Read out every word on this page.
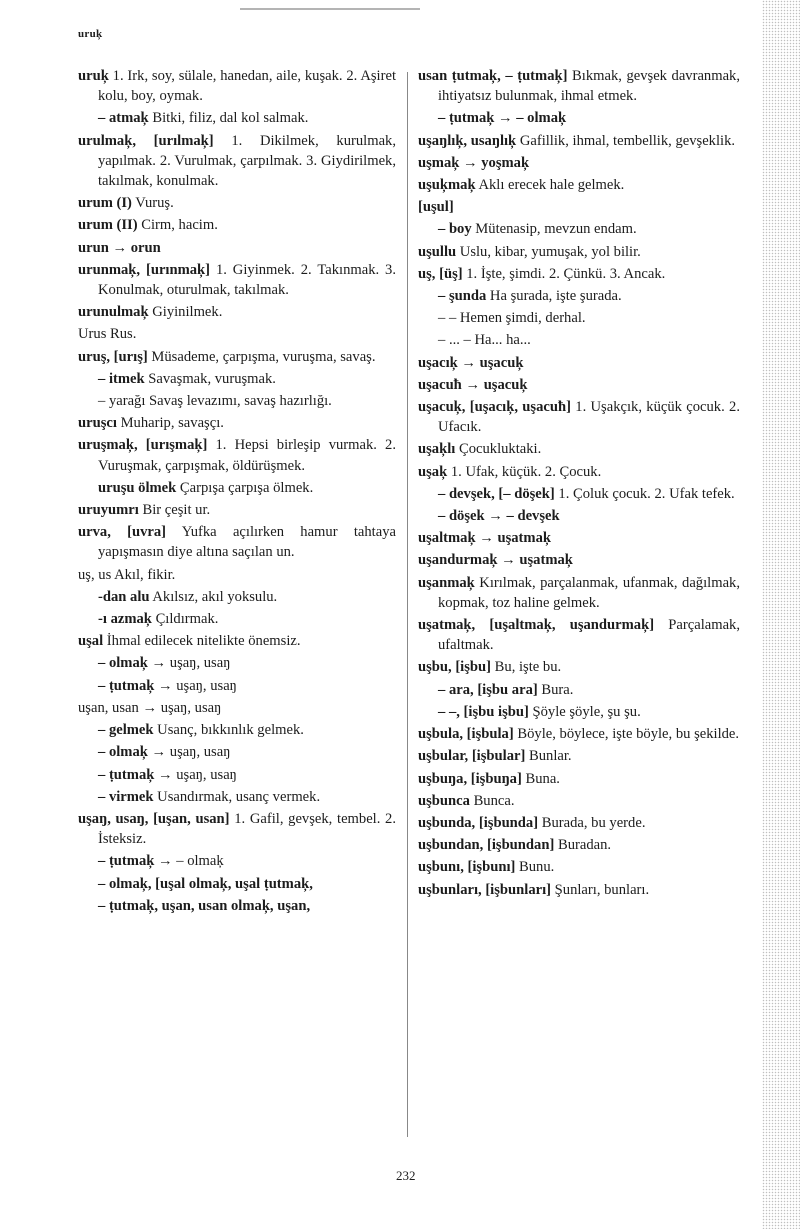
uruķ

uruķ 1. Irk, soy, sülale, hanedan, aile, kuşak. 2. Aşiret kolu, boy, oymak.

– atmaķ Bitki, filiz, dal kol salmak.

urulmaķ, [urılmaķ] 1. Dikilmek, kurulmak, yapılmak. 2. Vurulmak, çarpılmak. 3. Giydirilmek, takılmak, konulmak.

urum (I) Vuruş.

urum (II) Cirm, hacim.

urun → orun

urunmaķ, [urınmaķ] 1. Giyinmek. 2. Takınmak. 3. Konulmak, oturulmak, takılmak.

urunulmaķ Giyinilmek.

Urus Rus.

uruş, [urış] Müsademe, çarpışma, vuruşma, savaş.

– itmek Savaşmak, vuruşmak.

– yarağı Savaş levazımı, savaş hazırlığı.

uruşcı Muharip, savaşçı.

uruşmaķ, [urışmaķ] 1. Hepsi birleşip vurmak. 2. Vuruşmak, çarpışmak, öldürüşmek.

uruşu ölmek Çarpışa çarpışa ölmek.

uruyumrı Bir çeşit ur.

urva, [uvra] Yufka açılırken hamur tahtaya yapışmasın diye altına saçılan un.

uş, us Akıl, fikir.

-dan alu Akılsız, akıl yoksulu.

-ı azmaķ Çıldırmak.

uşal İhmal edilecek nitelikte önemsiz.

– olmaķ → uşaŋ, usaŋ

– ṭutmaķ → uşaŋ, usaŋ

uşan, usan → uşaŋ, usaŋ

– gelmek Usanç, bıkkınlık gelmek.

– olmaķ → uşaŋ, usaŋ

– ṭutmaķ → uşaŋ, usaŋ

– virmek Usandırmak, usanç vermek.

uşaŋ, usaŋ, [uşan, usan] 1. Gafil, gevşek, tembel. 2. İsteksiz.

– ṭutmaķ → – olmaķ

– olmaķ, [uşal olmaķ, uşal ṭutmaķ,

– ṭutmaķ, uşan, usan olmaķ, uşan,

usan ṭutmaķ, – ṭutmaķ] Bıkmak, gevşek davranmak, ihtiyatsız bulunmak, ihmal etmek.

– ṭutmaķ → – olmaķ

uşaŋlıķ, usaŋlıķ Gafillik, ihmal, tembellik, gevşeklik.

uşmaķ → yoşmaķ

uşuķmaķ Aklı erecek hale gelmek.

[uşul]

– boy Mütenasip, mevzun endam.

uşullu Uslu, kibar, yumuşak, yol bilir.

uş, [üş] 1. İşte, şimdi. 2. Çünkü. 3. Ancak.

– şunda Ha şurada, işte şurada.

– – Hemen şimdi, derhal.

– ... – Ha... ha...

uşacıķ → uşacuķ

uşacuħ → uşacuķ

uşacuķ, [uşacıķ, uşacuħ] 1. Uşakçık, küçük çocuk. 2. Ufacık.

uşaķlı Çocukluktaki.

uşaķ 1. Ufak, küçük. 2. Çocuk.

– devşek, [– döşek] 1. Çoluk çocuk. 2. Ufak tefek.

– döşek → – devşek

uşaltmaķ → uşatmaķ

uşandurmaķ → uşatmaķ

uşanmaķ Kırılmak, parçalanmak, ufanmak, dağılmak, kopmak, toz haline gelmek.

uşatmaķ, [uşaltmaķ, uşandurmaķ] Parçalamak, ufaltmak.

uşbu, [işbu] Bu, işte bu.

– ara, [işbu ara] Bura.

– –, [işbu işbu] Şöyle şöyle, şu şu.

uşbula, [işbula] Böyle, böylece, işte böyle, bu şekilde.

uşbular, [işbular] Bunlar.

uşbuŋa, [işbuŋa] Buna.

uşbunca Bunca.

uşbunda, [işbunda] Burada, bu yerde.

uşbundan, [işbundan] Buradan.

uşbunı, [işbunı] Bunu.

uşbunları, [işbunları] Şunları, bunları.

232
